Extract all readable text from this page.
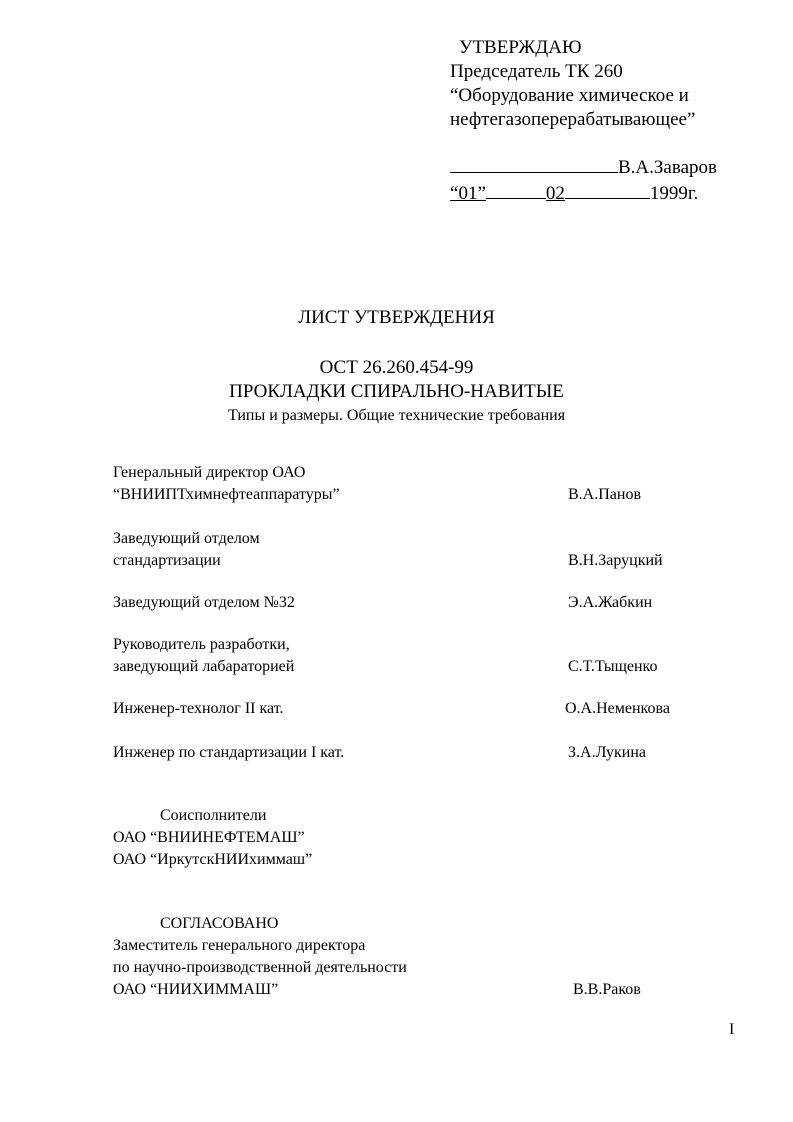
УТВЕРЖДАЮ
Председатель ТК 260
“Оборудование химическое и
нефтегазоперерабатывающее”
В.А.Заваров
“01”	02	1999г.
ЛИСТ УТВЕРЖДЕНИЯ
ОСТ 26.260.454-99
ПРОКЛАДКИ СПИРАЛЬНО-НАВИТЫЕ
Типы и размеры. Общие технические требования
Генеральный директор ОАО
“ВНИИПТхимнефтеаппаратуры”	В.А.Панов
Заведующий отделом
стандартизации	В.Н.Заруцкий
Заведующий отделом №32	Э.А.Жабкин
Руководитель разработки,
заведующий лабараторией	С.Т.Тыщенко
Инженер-технолог II кат.	О.А.Неменкова
Инженер по стандартизации I кат.	З.А.Лукина
Соисполнители
ОАО “ВНИИНЕФТЕМАШ”
ОАО “ИркутскНИИхиммаш”
СОГЛАСОВАНО
Заместитель генерального директора
по научно-производственной деятельности
ОАО “НИИХИММАШ”	В.В.Раков
I
